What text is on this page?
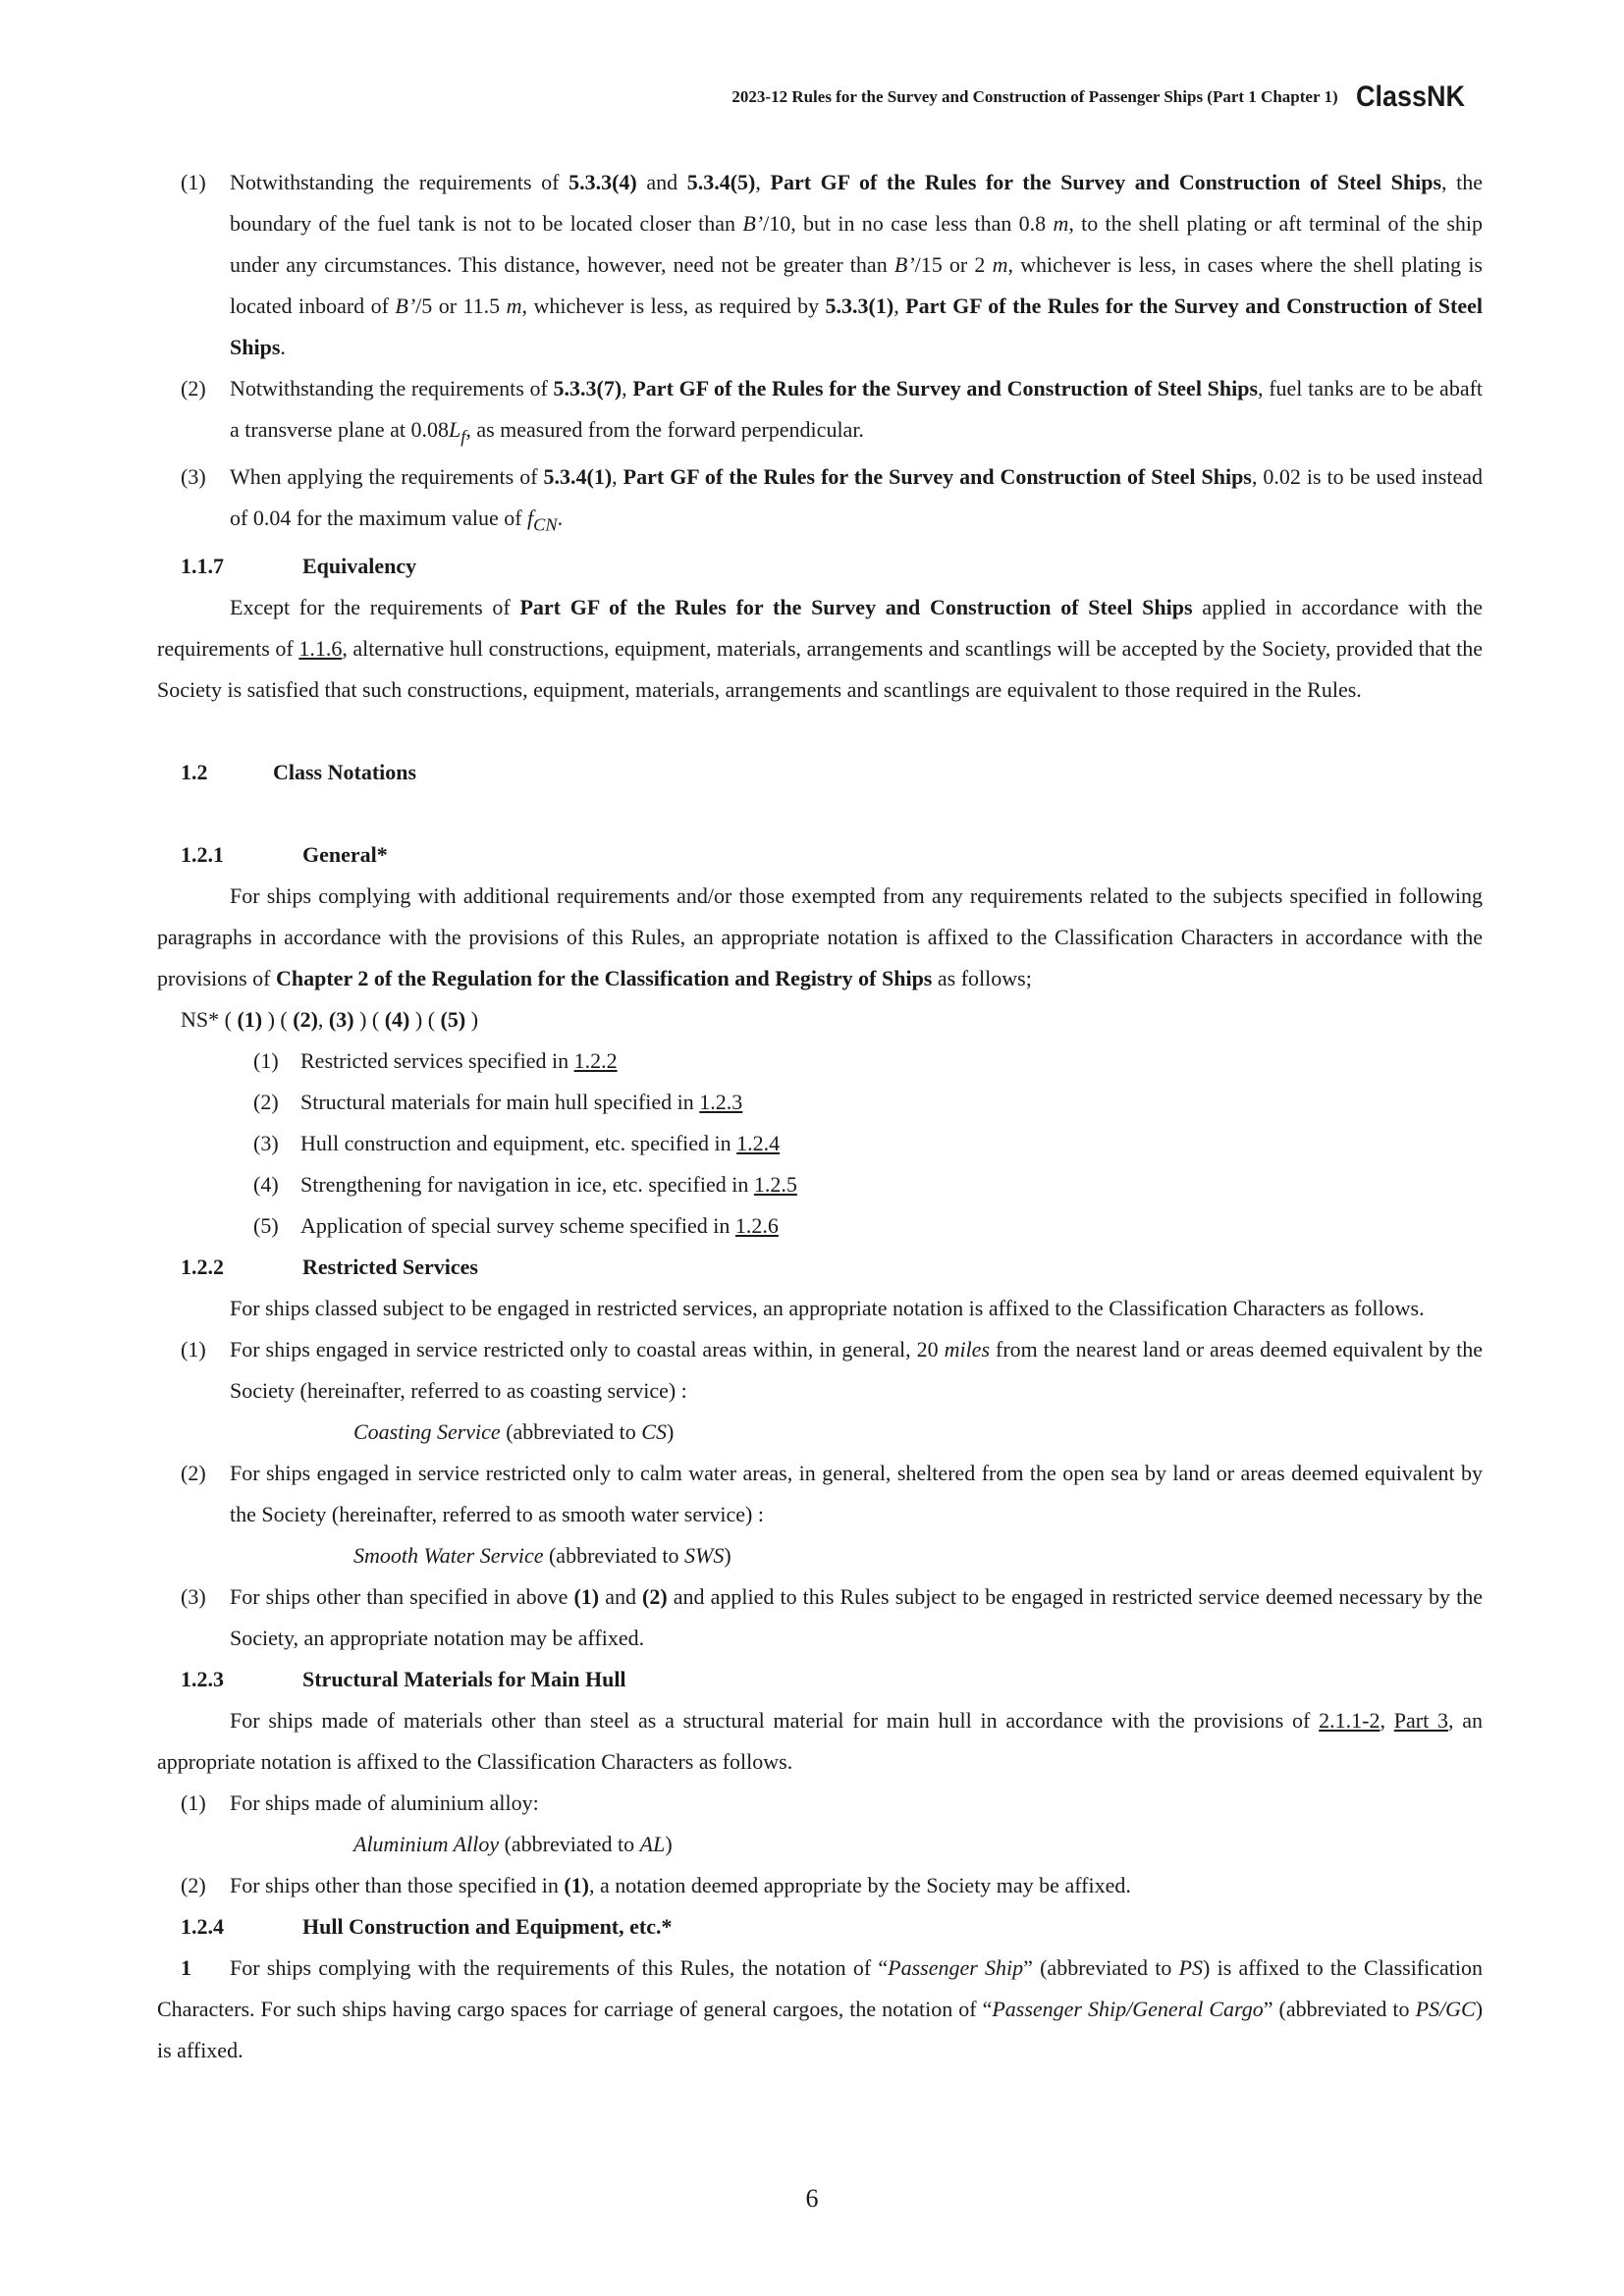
2023-12 Rules for the Survey and Construction of Passenger Ships (Part 1 Chapter 1) ClassNK

(1) Notwithstanding the requirements of 5.3.3(4) and 5.3.4(5), Part GF of the Rules for the Survey and Construction of Steel Ships, the boundary of the fuel tank is not to be located closer than B’/10, but in no case less than 0.8 m, to the shell plating or aft terminal of the ship under any circumstances. This distance, however, need not be greater than B’/15 or 2 m, whichever is less, in cases where the shell plating is located inboard of B’/5 or 11.5 m, whichever is less, as required by 5.3.3(1), Part GF of the Rules for the Survey and Construction of Steel Ships.

(2) Notwithstanding the requirements of 5.3.3(7), Part GF of the Rules for the Survey and Construction of Steel Ships, fuel tanks are to be abaft a transverse plane at $0.08L_f$, as measured from the forward perpendicular.

(3) When applying the requirements of 5.3.4(1), Part GF of the Rules for the Survey and Construction of Steel Ships, 0.02 is to be used instead of 0.04 for the maximum value of $f_{CN}$.

1.1.7	Equivalency

Except for the requirements of Part GF of the Rules for the Survey and Construction of Steel Ships applied in accordance with the requirements of 1.1.6, alternative hull constructions, equipment, materials, arrangements and scantlings will be accepted by the Society, provided that the Society is satisfied that such constructions, equipment, materials, arrangements and scantlings are equivalent to those required in the Rules.

1.2	Class Notations

1.2.1	General*

For ships complying with additional requirements and/or those exempted from any requirements related to the subjects specified in following paragraphs in accordance with the provisions of this Rules, an appropriate notation is affixed to the Classification Characters in accordance with the provisions of Chapter 2 of the Regulation for the Classification and Registry of Ships as follows;

NS* ( (1) ) ( (2), (3) ) ( (4) ) ( (5) )

(1) Restricted services specified in 1.2.2

(2) Structural materials for main hull specified in 1.2.3

(3) Hull construction and equipment, etc. specified in 1.2.4

(4) Strengthening for navigation in ice, etc. specified in 1.2.5

(5) Application of special survey scheme specified in 1.2.6

1.2.2	Restricted Services

For ships classed subject to be engaged in restricted services, an appropriate notation is affixed to the Classification Characters as follows.

(1) For ships engaged in service restricted only to coastal areas within, in general, 20 miles from the nearest land or areas deemed equivalent by the Society (hereinafter, referred to as coasting service) :

Coasting Service (abbreviated to CS)

(2) For ships engaged in service restricted only to calm water areas, in general, sheltered from the open sea by land or areas deemed equivalent by the Society (hereinafter, referred to as smooth water service) :

Smooth Water Service (abbreviated to SWS)

(3) For ships other than specified in above (1) and (2) and applied to this Rules subject to be engaged in restricted service deemed necessary by the Society, an appropriate notation may be affixed.

1.2.3	Structural Materials for Main Hull

For ships made of materials other than steel as a structural material for main hull in accordance with the provisions of 2.1.1-2, Part 3, an appropriate notation is affixed to the Classification Characters as follows.

(1) For ships made of aluminium alloy:

Aluminium Alloy (abbreviated to AL)

(2) For ships other than those specified in (1), a notation deemed appropriate by the Society may be affixed.

1.2.4	Hull Construction and Equipment, etc.*

1 For ships complying with the requirements of this Rules, the notation of “Passenger Ship” (abbreviated to PS) is affixed to the Classification Characters. For such ships having cargo spaces for carriage of general cargoes, the notation of “Passenger Ship/General Cargo” (abbreviated to PS/GC) is affixed.

6
